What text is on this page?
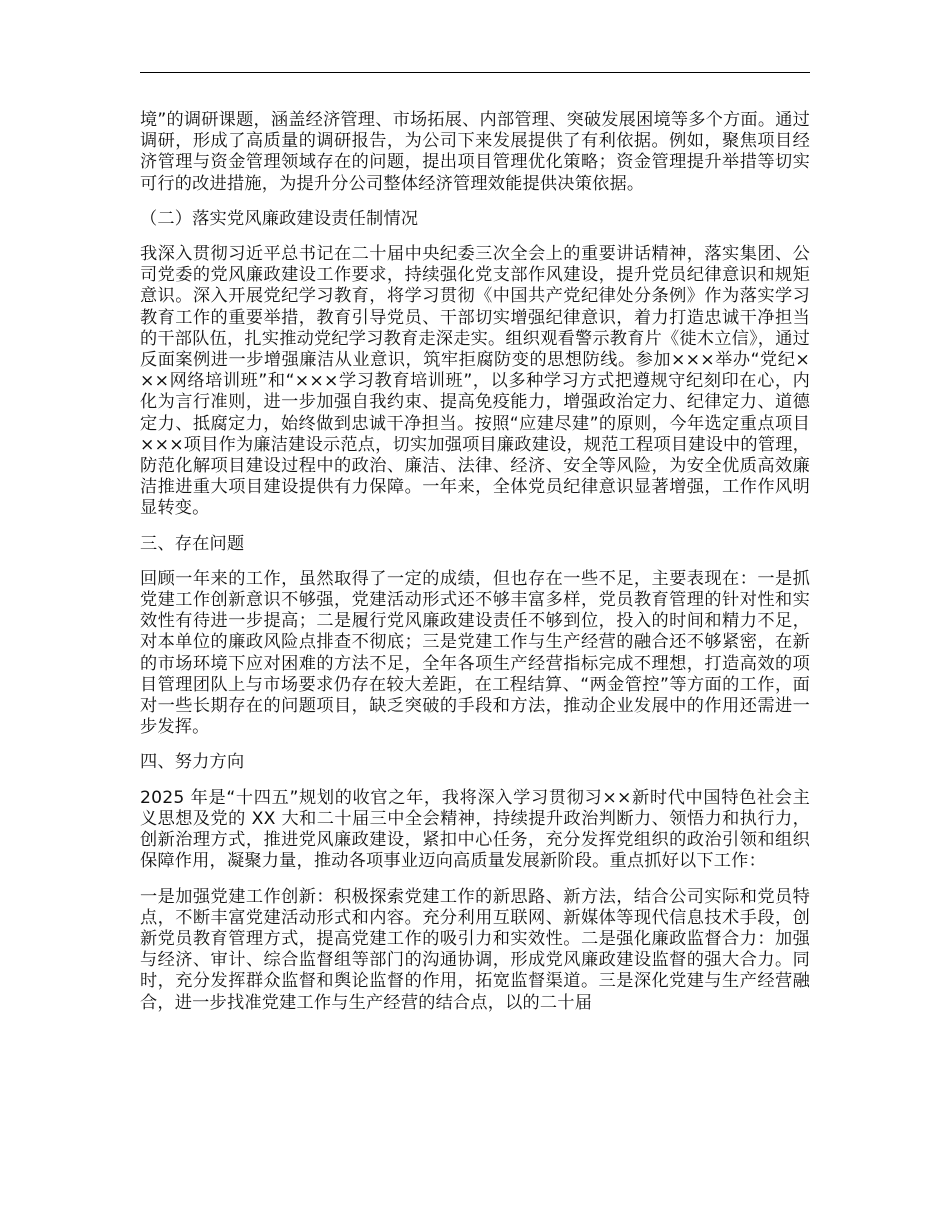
境”的调研课题，涵盖经济管理、市场拓展、内部管理、突破发展困境等多个方面。通过调研，形成了高质量的调研报告，为公司下来发展提供了有利依据。例如，聚焦项目经济管理与资金管理领域存在的问题，提出项目管理优化策略；资金管理提升举措等切实可行的改进措施，为提升分公司整体经济管理效能提供决策依据。

（二）落实党风廉政建设责任制情况

我深入贯彻习近平总书记在二十届中央纪委三次全会上的重要讲话精神，落实集团、公司党委的党风廉政建设工作要求，持续强化党支部作风建设，提升党员纪律意识和规矩意识。深入开展党纪学习教育，将学习贯彻《中国共产党纪律处分条例》作为落实学习教育工作的重要举措，教育引导党员、干部切实增强纪律意识，着力打造忠诚干净担当的干部队伍，扎实推动党纪学习教育走深走实。组织观看警示教育片《徙木立信》，通过反面案例进一步增强廉洁从业意识，筑牢拒腐防变的思想防线。参加×××举办“党纪×××网络培训班”和“×××学习教育培训班”，以多种学习方式把遵规守纪刻印在心，内化为言行准则，进一步加强自我约束、提高免疫能力，增强政治定力、纪律定力、道德定力、抵腐定力，始终做到忠诚干净担当。按照“应建尽建”的原则，今年选定重点项目×××项目作为廉洁建设示范点，切实加强项目廉政建设，规范工程项目建设中的管理，防范化解项目建设过程中的政治、廉洁、法律、经济、安全等风险，为安全优质高效廉洁推进重大项目建设提供有力保障。一年来，全体党员纪律意识显著增强，工作作风明显转变。

三、存在问题

回顾一年来的工作，虽然取得了一定的成绩，但也存在一些不足，主要表现在：一是抓党建工作创新意识不够强，党建活动形式还不够丰富多样，党员教育管理的针对性和实效性有待进一步提高；二是履行党风廉政建设责任不够到位，投入的时间和精力不足，对本单位的廉政风险点排查不彻底；三是党建工作与生产经营的融合还不够紧密，在新的市场环境下应对困难的方法不足，全年各项生产经营指标完成不理想，打造高效的项目管理团队上与市场要求仍存在较大差距，在工程结算、“两金管控”等方面的工作，面对一些长期存在的问题项目，缺乏突破的手段和方法，推动企业发展中的作用还需进一步发挥。

四、努力方向

2025 年是“十四五”规划的收官之年，我将深入学习贯彻习××新时代中国特色社会主义思想及党的 XX 大和二十届三中全会精神，持续提升政治判断力、领悟力和执行力，创新治理方式，推进党风廉政建设，紧扣中心任务，充分发挥党组织的政治引领和组织保障作用，凝聚力量，推动各项事业迈向高质量发展新阶段。重点抓好以下工作：

一是加强党建工作创新：积极探索党建工作的新思路、新方法，结合公司实际和党员特点，不断丰富党建活动形式和内容。充分利用互联网、新媒体等现代信息技术手段，创新党员教育管理方式，提高党建工作的吸引力和实效性。二是强化廉政监督合力：加强与经济、审计、综合监督组等部门的沟通协调，形成党风廉政建设监督的强大合力。同时，充分发挥群众监督和舆论监督的作用，拓宽监督渠道。三是深化党建与生产经营融合，进一步找准党建工作与生产经营的结合点，以的二十届
